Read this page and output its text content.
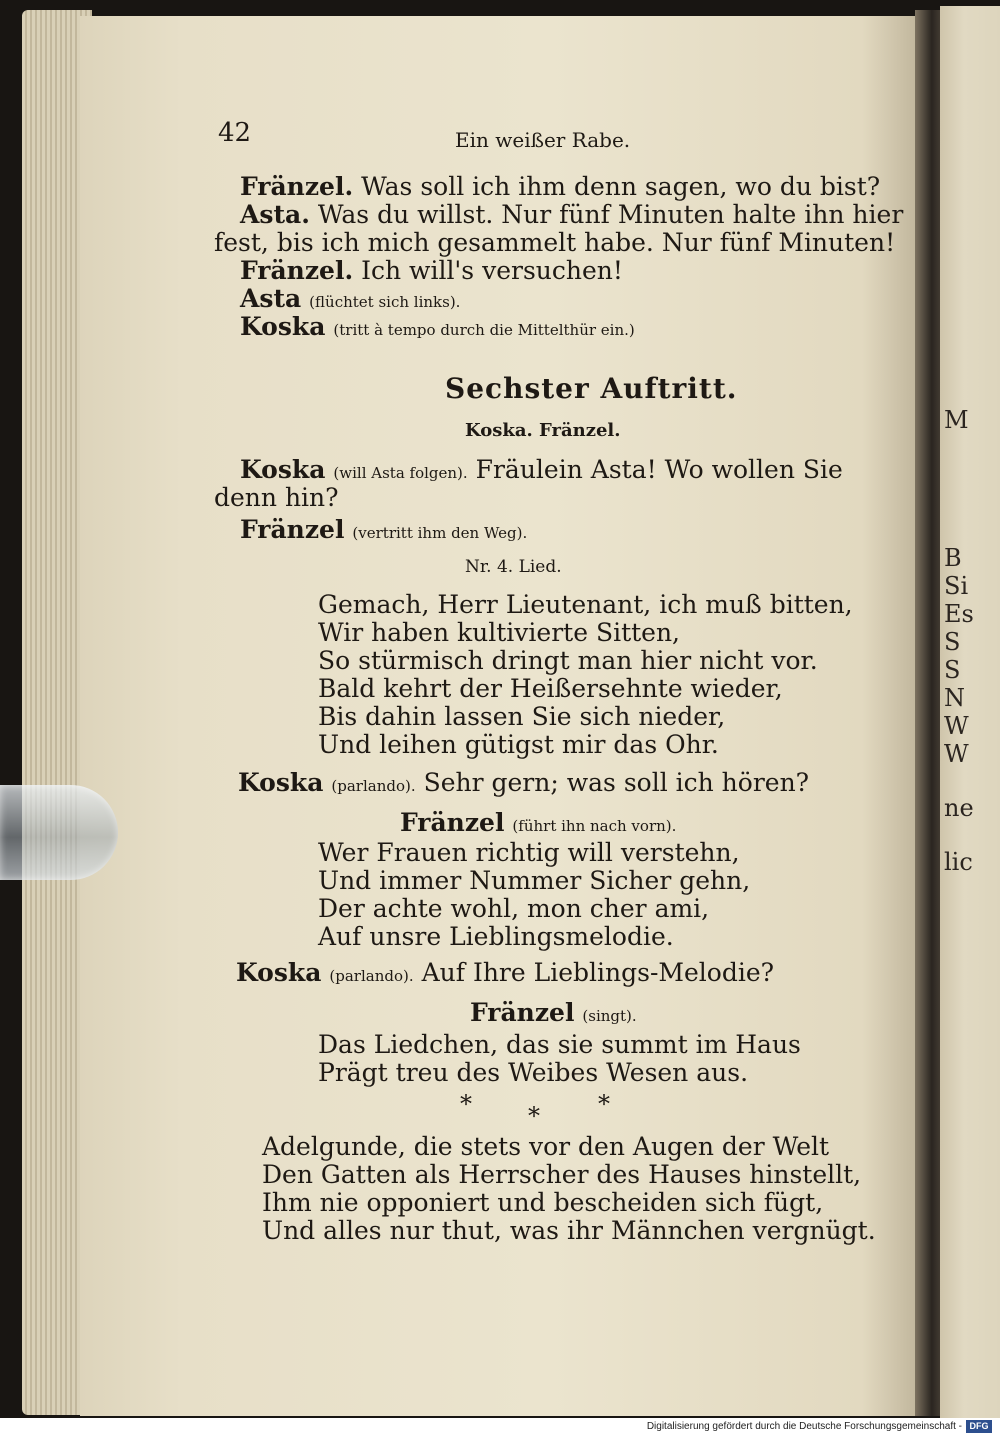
M
B
Si
Es
S
S
N
W
W
ne
lic
42	Ein weißer Rabe.
Fränzel. Was soll ich ihm denn sagen, wo du bist?
Asta. Was du willst. Nur fünf Minuten halte ihn hier
fest, bis ich mich gesammelt habe. Nur fünf Minuten!
Fränzel. Ich will's versuchen!
Asta (flüchtet sich links).
Koska (tritt à tempo durch die Mittelthür ein.)
Sechster Auftritt.
Koska. Fränzel.
Koska (will Asta folgen). Fräulein Asta! Wo wollen Sie
denn hin?
Fränzel (vertritt ihm den Weg).
Nr. 4. Lied.
Gemach, Herr Lieutenant, ich muß bitten,
Wir haben kultivierte Sitten,
So stürmisch dringt man hier nicht vor.
Bald kehrt der Heißersehnte wieder,
Bis dahin lassen Sie sich nieder,
Und leihen gütigst mir das Ohr.
Koska (parlando). Sehr gern; was soll ich hören?
Fränzel (führt ihn nach vorn).
Wer Frauen richtig will verstehn,
Und immer Nummer Sicher gehn,
Der achte wohl, mon cher ami,
Auf unsre Lieblingsmelodie.
Koska (parlando). Auf Ihre Lieblings-Melodie?
Fränzel (singt).
Das Liedchen, das sie summt im Haus
Prägt treu des Weibes Wesen aus.
* * *
Adelgunde, die stets vor den Augen der Welt
Den Gatten als Herrscher des Hauses hinstellt,
Ihm nie opponiert und bescheiden sich fügt,
Und alles nur thut, was ihr Männchen vergnügt.
Digitalisierung gefördert durch die Deutsche Forschungsgemeinschaft - DFG
